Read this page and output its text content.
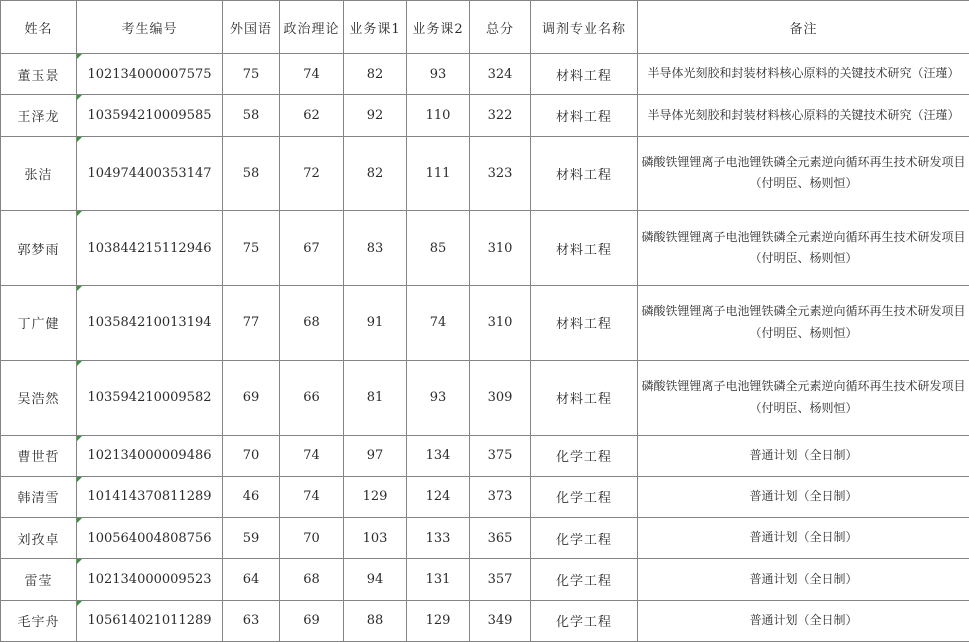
姓名	考生编号	外国语	政治理论	业务课1	业务课2	总分	调剂专业名称	备注
董玉景	102134000007575	75	74	82	93	324	材料工程	半导体光刻胶和封装材料核心原料的关键技术研究（汪瑾）
王泽龙	103594210009585	58	62	92	110	322	材料工程	半导体光刻胶和封装材料核心原料的关键技术研究（汪瑾）
张洁	104974400353147	58	72	82	111	323	材料工程	磷酸铁锂锂离子电池锂铁磷全元素逆向循环再生技术研发项目（付明臣、杨则恒）
郭梦雨	103844215112946	75	67	83	85	310	材料工程	磷酸铁锂锂离子电池锂铁磷全元素逆向循环再生技术研发项目（付明臣、杨则恒）
丁广健	103584210013194	77	68	91	74	310	材料工程	磷酸铁锂锂离子电池锂铁磷全元素逆向循环再生技术研发项目（付明臣、杨则恒）
吴浩然	103594210009582	69	66	81	93	309	材料工程	磷酸铁锂锂离子电池锂铁磷全元素逆向循环再生技术研发项目（付明臣、杨则恒）
曹世哲	102134000009486	70	74	97	134	375	化学工程	普通计划（全日制）
韩清雪	101414370811289	46	74	129	124	373	化学工程	普通计划（全日制）
刘孜卓	100564004808756	59	70	103	133	365	化学工程	普通计划（全日制）
雷莹	102134000009523	64	68	94	131	357	化学工程	普通计划（全日制）
毛宇舟	105614021011289	63	69	88	129	349	化学工程	普通计划（全日制）
